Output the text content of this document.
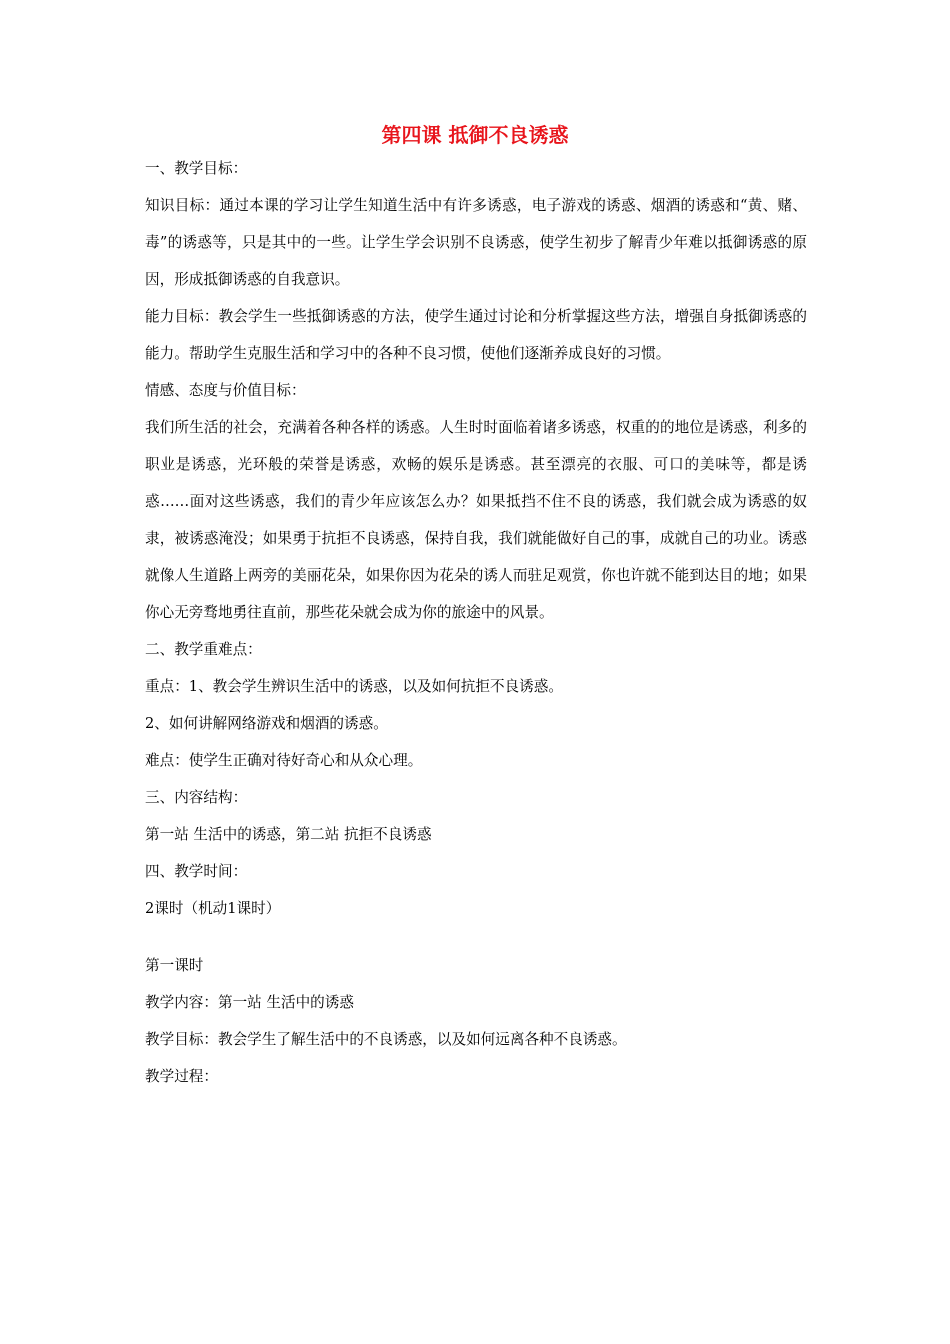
第四课 抵御不良诱惑

一、教学目标：

知识目标：通过本课的学习让学生知道生活中有许多诱惑，电子游戏的诱惑、烟酒的诱惑和“黄、赌、毒”的诱惑等，只是其中的一些。让学生学会识别不良诱惑，使学生初步了解青少年难以抵御诱惑的原因，形成抵御诱惑的自我意识。

能力目标：教会学生一些抵御诱惑的方法，使学生通过讨论和分析掌握这些方法，增强自身抵御诱惑的能力。帮助学生克服生活和学习中的各种不良习惯，使他们逐渐养成良好的习惯。

情感、态度与价值目标：

我们所生活的社会，充满着各种各样的诱惑。人生时时面临着诸多诱惑，权重的的地位是诱惑，利多的职业是诱惑，光环般的荣誉是诱惑，欢畅的娱乐是诱惑。甚至漂亮的衣服、可口的美味等，都是诱惑……面对这些诱惑，我们的青少年应该怎么办？如果抵挡不住不良的诱惑，我们就会成为诱惑的奴隶，被诱惑淹没；如果勇于抗拒不良诱惑，保持自我，我们就能做好自己的事，成就自己的功业。诱惑就像人生道路上两旁的美丽花朵，如果你因为花朵的诱人而驻足观赏，你也许就不能到达目的地；如果你心无旁骛地勇往直前，那些花朵就会成为你的旅途中的风景。

二、教学重难点：

重点：1、教会学生辨识生活中的诱惑，以及如何抗拒不良诱惑。

2、如何讲解网络游戏和烟酒的诱惑。

难点：使学生正确对待好奇心和从众心理。

三、内容结构：

第一站 生活中的诱惑，第二站 抗拒不良诱惑

四、教学时间：

2课时（机动1课时）

第一课时

教学内容：第一站 生活中的诱惑

教学目标：教会学生了解生活中的不良诱惑，以及如何远离各种不良诱惑。

教学过程：
